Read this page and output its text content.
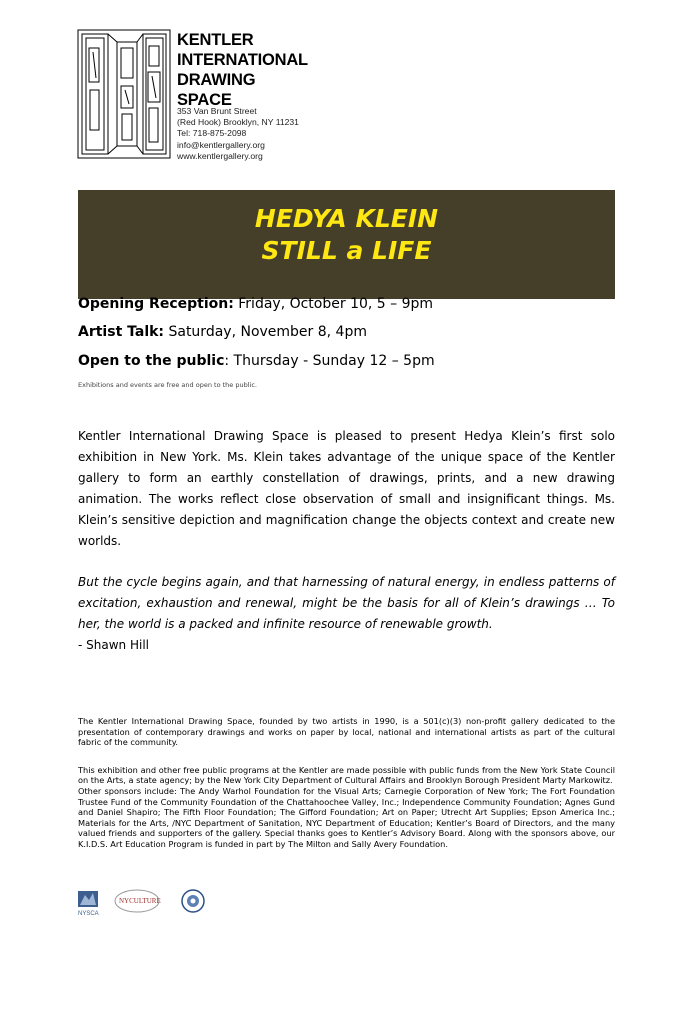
KENTLER
INTERNATIONAL
DRAWING
SPACE
353 Van Brunt Street
(Red Hook) Brooklyn, NY 11231
Tel: 718-875-2098
info@kentlergallery.org
www.kentlergallery.org
HEDYA KLEIN
STILL a LIFE
Opening Reception: Friday, October 10, 5 – 9pm
Artist Talk: Saturday, November 8, 4pm
Open to the public: Thursday - Sunday 12 – 5pm
Exhibitions and events are free and open to the public.
Kentler International Drawing Space is pleased to present Hedya Klein’s first solo exhibition in New York. Ms. Klein takes advantage of the unique space of the Kentler gallery to form an earthly constellation of drawings, prints, and a new drawing animation. The works reflect close observation of small and insignificant things. Ms. Klein’s sensitive depiction and magnification change the objects context and create new worlds.
But the cycle begins again, and that harnessing of natural energy, in endless patterns of excitation, exhaustion and renewal, might be the basis for all of Klein’s drawings … To her, the world is a packed and infinite resource of renewable growth.
- Shawn Hill

The Kentler International Drawing Space, founded by two artists in 1990, is a 501(c)(3) non-profit gallery dedicated to the presentation of contemporary drawings and works on paper by local, national and international artists as part of the cultural fabric of the community.

This exhibition and other free public programs at the Kentler are made possible with public funds from the New York State Council on the Arts, a state agency; by the New York City Department of Cultural Affairs and Brooklyn Borough President Marty Markowitz.

Other sponsors include: The Andy Warhol Foundation for the Visual Arts; Carnegie Corporation of New York; The Fort Foundation Trustee Fund of the Community Foundation of the Chattahoochee Valley, Inc.; Independence Community Foundation; Agnes Gund and Daniel Shapiro; The Fifth Floor Foundation; The Gifford Foundation; Art on Paper; Utrecht Art Supplies; Epson America Inc.; Materials for the Arts, /NYC Department of Sanitation, NYC Department of Education; Kentler’s Board of Directors, and the many valued friends and supporters of the gallery. Special thanks goes to Kentler’s Advisory Board. Along with the sponsors above, our K.I.D.S. Art Education Program is funded in part by The Milton and Sally Avery Foundation.

NYSCA
NYCULTURE
